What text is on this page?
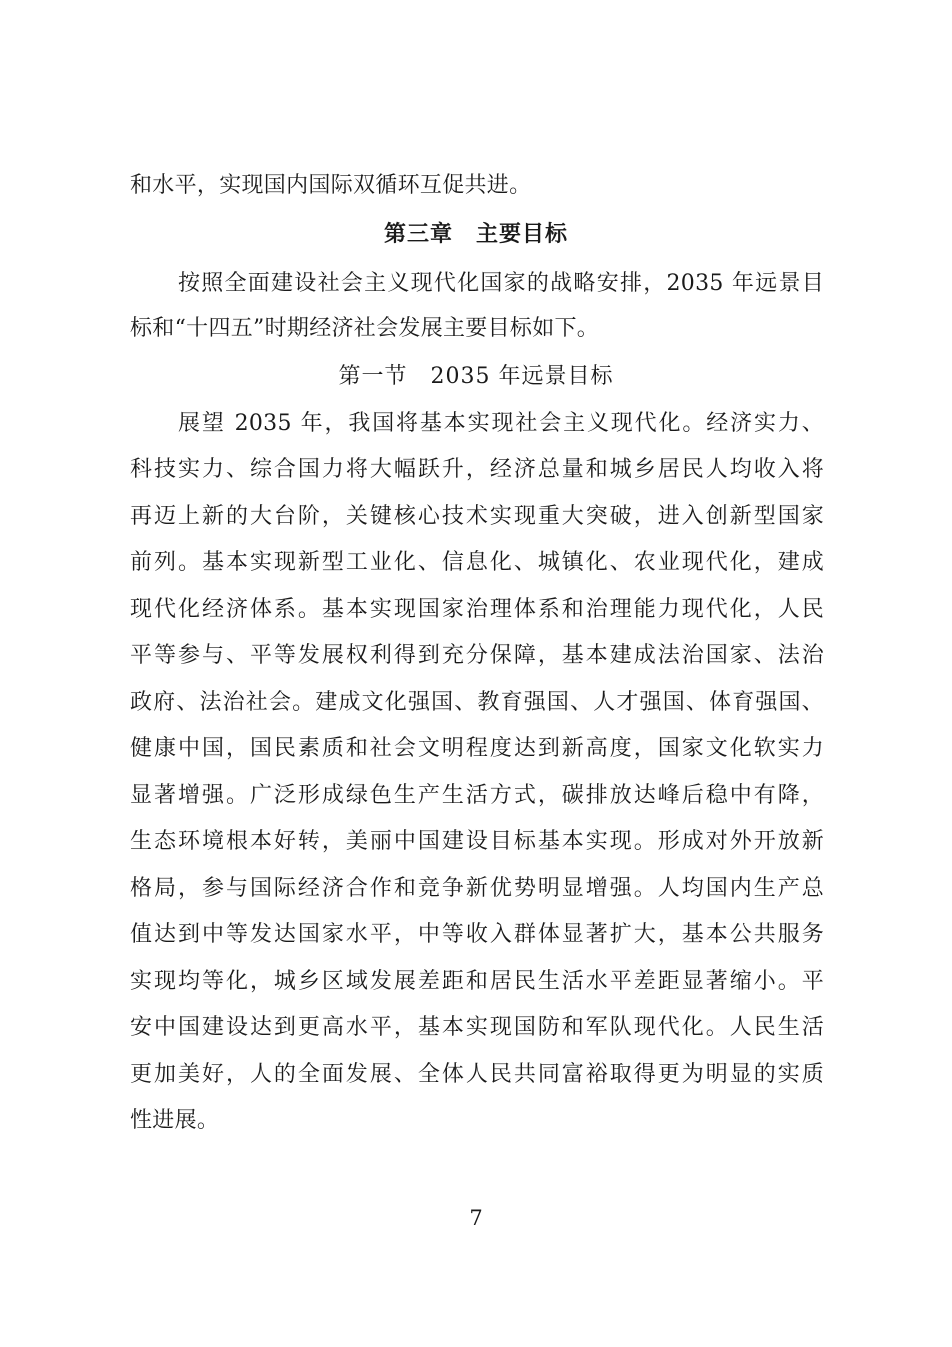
和水平，实现国内国际双循环互促共进。
第三章　主要目标
按照全面建设社会主义现代化国家的战略安排，2035 年远景目
标和“十四五”时期经济社会发展主要目标如下。
第一节　2035 年远景目标
展望 2035 年，我国将基本实现社会主义现代化。经济实力、
科技实力、综合国力将大幅跃升，经济总量和城乡居民人均收入将
再迈上新的大台阶，关键核心技术实现重大突破，进入创新型国家
前列。基本实现新型工业化、信息化、城镇化、农业现代化，建成
现代化经济体系。基本实现国家治理体系和治理能力现代化，人民
平等参与、平等发展权利得到充分保障，基本建成法治国家、法治
政府、法治社会。建成文化强国、教育强国、人才强国、体育强国、
健康中国，国民素质和社会文明程度达到新高度，国家文化软实力
显著增强。广泛形成绿色生产生活方式，碳排放达峰后稳中有降，
生态环境根本好转，美丽中国建设目标基本实现。形成对外开放新
格局，参与国际经济合作和竞争新优势明显增强。人均国内生产总
值达到中等发达国家水平，中等收入群体显著扩大，基本公共服务
实现均等化，城乡区域发展差距和居民生活水平差距显著缩小。平
安中国建设达到更高水平，基本实现国防和军队现代化。人民生活
更加美好，人的全面发展、全体人民共同富裕取得更为明显的实质
性进展。
7
